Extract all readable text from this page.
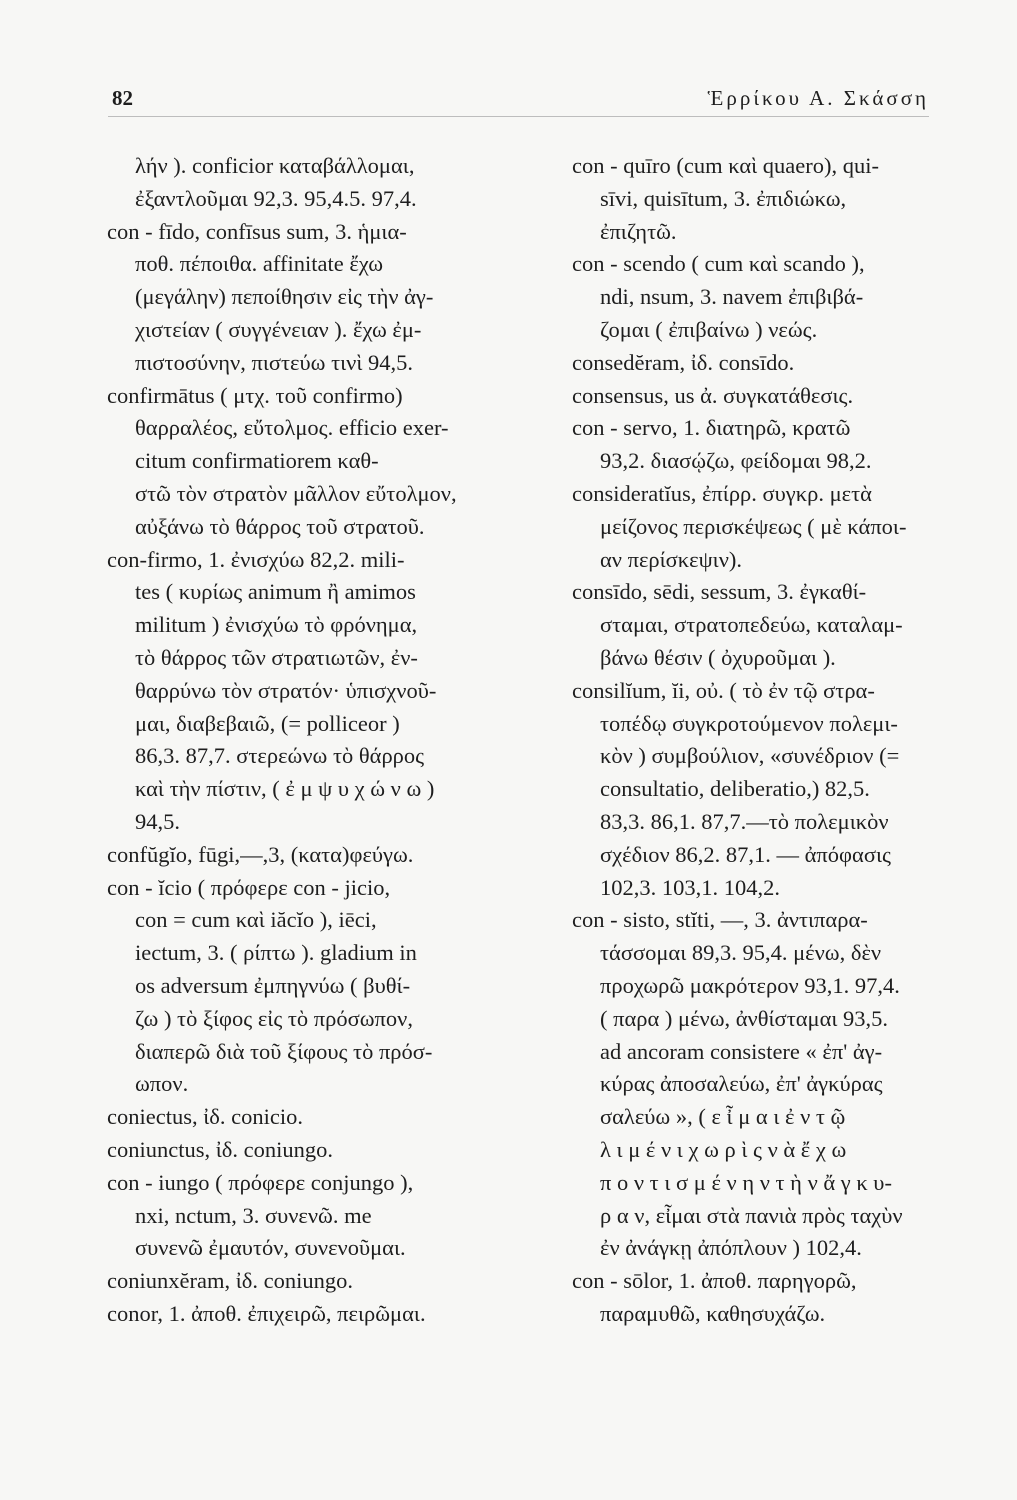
82	Ἑρρίκου Α. Σκάσση
λήν ). conficior καταβάλλομαι,
ἐξαντλοῦμαι 92,3. 95,4.5. 97,4.
con - fīdo, confīsus sum, 3. ἡμια-
ποθ. πέποιθα. affinitate ἔχω
(μεγάλην) πεποίθησιν εἰς τὴν ἀγ-
χιστείαν ( συγγένειαν ). ἔχω ἐμ-
πιστοσύνην, πιστεύω τινὶ 94,5.
confirmātus ( μτχ. τοῦ confirmo)
θαρραλέος, εὔτολμος. efficio exer-
citum confirmatiorem καθ-
στῶ τὸν στρατὸν μᾶλλον εὔτολμον,
αὐξάνω τὸ θάρρος τοῦ στρατοῦ.
con-firmo, 1. ἐνισχύω 82,2. mili-
tes ( κυρίως animum ἢ amimos
militum ) ἐνισχύω τὸ φρόνημα,
τὸ θάρρος τῶν στρατιωτῶν, ἐν-
θαρρύνω τὸν στρατόν· ὑπισχνοῦ-
μαι, διαβεβαιῶ, (= polliceor )
86,3. 87,7. στερεώνω τὸ θάρρος
καὶ τὴν πίστιν, ( ἐ μ ψ υ χ ώ ν ω )
94,5.
confŭgĭo, fūgi,—,3, (κατα)φεύγω.
con - ĭcio ( πρόφερε con - jicio,
con = cum καὶ iăcĭo ), iēci,
iectum, 3. ( ρίπτω ). gladium in
os adversum ἐμπηγνύω ( βυθί-
ζω ) τὸ ξίφος εἰς τὸ πρόσωπον,
διαπερῶ διὰ τοῦ ξίφους τὸ πρόσ-
ωπον.
coniectus, ἰδ. conicio.
coniunctus, ἰδ. coniungo.
con - iungo ( πρόφερε conjungo ),
nxi, nctum, 3. συνενῶ. me
συνενῶ ἐμαυτόν, συνενοῦμαι.
coniunxĕram, ἰδ. coniungo.
conor, 1. ἀποθ. ἐπιχειρῶ, πειρῶμαι.
con - quīro (cum καὶ quaero), qui-
sīvi, quisītum, 3. ἐπιδιώκω,
ἐπιζητῶ.
con - scendo ( cum καὶ scando ),
ndi, nsum, 3. navem ἐπιβιβά-
ζομαι ( ἐπιβαίνω ) νεώς.
consedĕram, ἰδ. consīdo.
consensus, us ἀ. συγκατάθεσις.
con - servo, 1. διατηρῶ, κρατῶ
93,2. διασῴζω, φείδομαι 98,2.
consideratĭus, ἐπίρρ. συγκρ. μετὰ
μείζονος περισκέψεως ( μὲ κάποι-
αν περίσκεψιν).
consīdo, sēdi, sessum, 3. ἐγκαθί-
σταμαι, στρατοπεδεύω, καταλαμ-
βάνω θέσιν ( ὀχυροῦμαι ).
consilĭum, ĭi, οὐ. ( τὸ ἐν τῷ στρα-
τοπέδῳ συγκροτούμενον πολεμι-
κὸν ) συμβούλιον, «συνέδριον (=
consultatio, deliberatio,) 82,5.
83,3. 86,1. 87,7.—τὸ πολεμικὸν
σχέδιον 86,2. 87,1. — ἀπόφασις
102,3. 103,1. 104,2.
con - sisto, stĭti, —, 3. ἀντιπαρα-
τάσσομαι 89,3. 95,4. μένω, δὲν
προχωρῶ μακρότερον 93,1. 97,4.
( παρα ) μένω, ἀνθίσταμαι 93,5.
ad ancoram consistere « ἐπ' ἀγ-
κύρας ἀποσαλεύω, ἐπ' ἀγκύρας
σαλεύω », ( ε ἶ μ α ι ἐ ν τ ῷ
λ ι μ έ ν ι χ ω ρ ὶ ς ν ὰ ἔ χ ω
π ο ν τ ι σ μ έ ν η ν τ ὴ ν ἄ γ κ υ-
ρ α ν, εἶμαι στὰ πανιὰ πρὸς ταχὺν
ἐν ἀνάγκῃ ἀπόπλουν ) 102,4.
con - sōlor, 1. ἀποθ. παρηγορῶ,
παραμυθῶ, καθησυχάζω.
